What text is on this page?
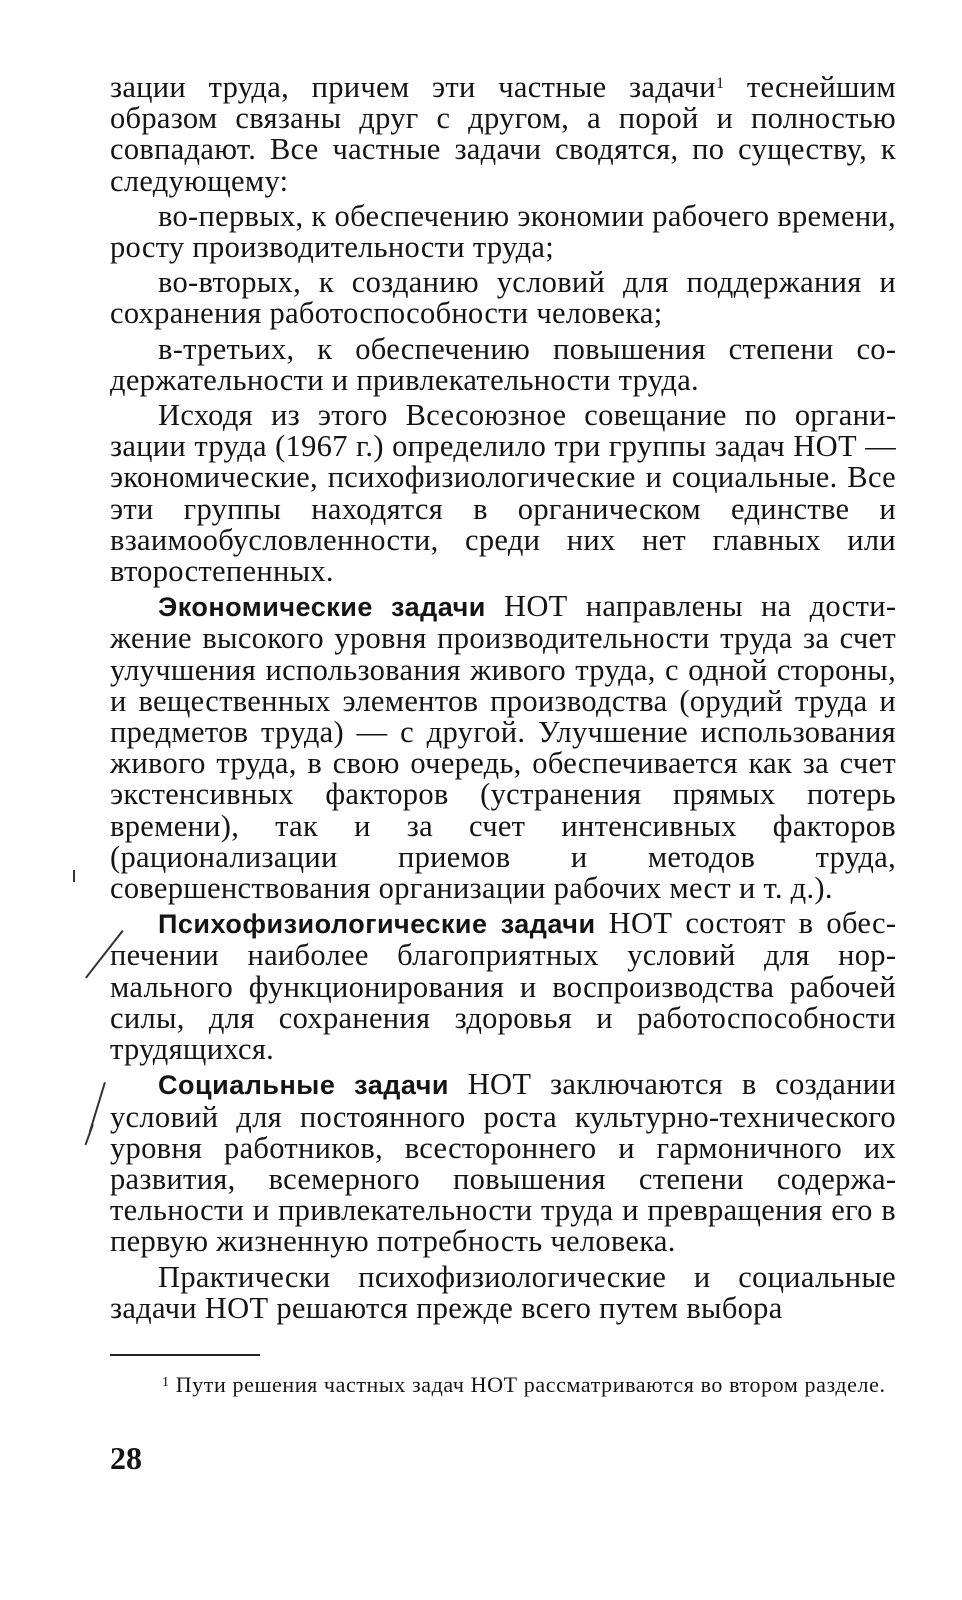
зации труда, причем эти частные задачи$^1$ теснейшим образом связаны друг с другом, а порой и полностью совпадают. Все частные задачи сводятся, по существу, к следующему:

во-первых, к обеспечению экономии рабочего времени, росту производительности труда;

во-вторых, к созданию условий для поддержания и сохранения работоспособности человека;

в-третьих, к обеспечению повышения степени содержательности и привлекательности труда.

Исходя из этого Всесоюзное совещание по организации труда (1967 г.) определило три группы задач НОТ — экономические, психофизиологические и социальные. Все эти группы находятся в органическом единстве и взаимообусловленности, среди них нет главных или второстепенных.

Экономические задачи НОТ направлены на достижение высокого уровня производительности труда за счет улучшения использования живого труда, с одной стороны, и вещественных элементов производства (орудий труда и предметов труда) — с другой. Улучшение использования живого труда, в свою очередь, обеспечивается как за счет экстенсивных факторов (устранения прямых потерь времени), так и за счет интенсивных факторов (рационализации приемов и методов труда, совершенствования организации рабочих мест и т. д.).

Психофизиологические задачи НОТ состоят в обеспечении наиболее благоприятных условий для нормального функционирования и воспроизводства рабочей силы, для сохранения здоровья и работоспособности трудящихся.

Социальные задачи НОТ заключаются в создании условий для постоянного роста культурно-технического уровня работников, всестороннего и гармоничного их развития, всемерного повышения степени содержательности и привлекательности труда и превращения его в первую жизненную потребность человека.

Практически психофизиологические и социальные задачи НОТ решаются прежде всего путем выбора

$^1$ Пути решения частных задач НОТ рассматриваются во втором разделе.
28
